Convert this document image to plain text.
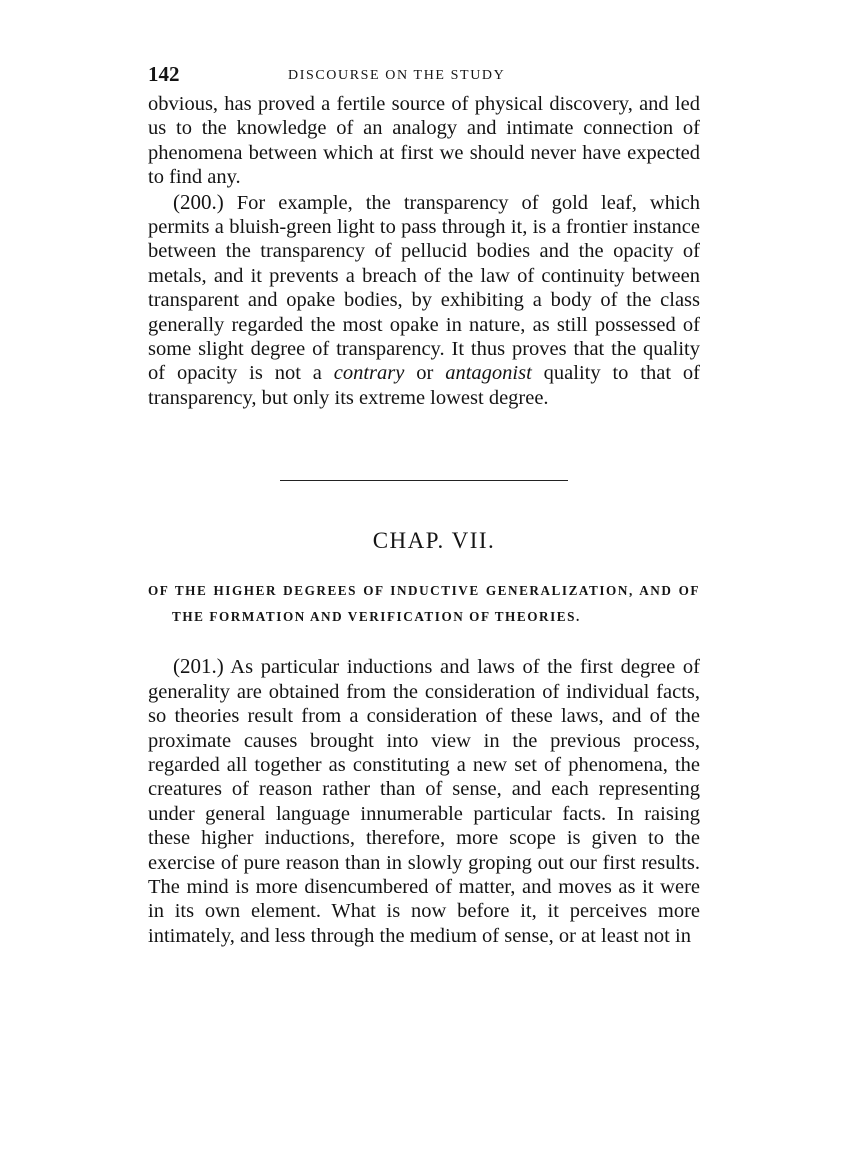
142	DISCOURSE ON THE STUDY

obvious, has proved a fertile source of physical discovery, and led us to the knowledge of an analogy and intimate connection of phenomena between which at first we should never have expected to find any.

(200.) For example, the transparency of gold leaf, which permits a bluish-green light to pass through it, is a frontier instance between the transparency of pellucid bodies and the opacity of metals, and it prevents a breach of the law of continuity between transparent and opake bodies, by exhibiting a body of the class generally regarded the most opake in nature, as still possessed of some slight degree of transparency. It thus proves that the quality of opacity is not a contrary or antagonist quality to that of transparency, but only its extreme lowest degree.

CHAP. VII.
OF THE HIGHER DEGREES OF INDUCTIVE GENERALIZATION, AND OF THE FORMATION AND VERIFICATION OF THEORIES.

(201.) As particular inductions and laws of the first degree of generality are obtained from the consideration of individual facts, so theories result from a consideration of these laws, and of the proximate causes brought into view in the previous process, regarded all together as constituting a new set of phenomena, the creatures of reason rather than of sense, and each representing under general language innumerable particular facts. In raising these higher inductions, therefore, more scope is given to the exercise of pure reason than in slowly groping out our first results. The mind is more disencumbered of matter, and moves as it were in its own element. What is now before it, it perceives more intimately, and less through the medium of sense, or at least not in
